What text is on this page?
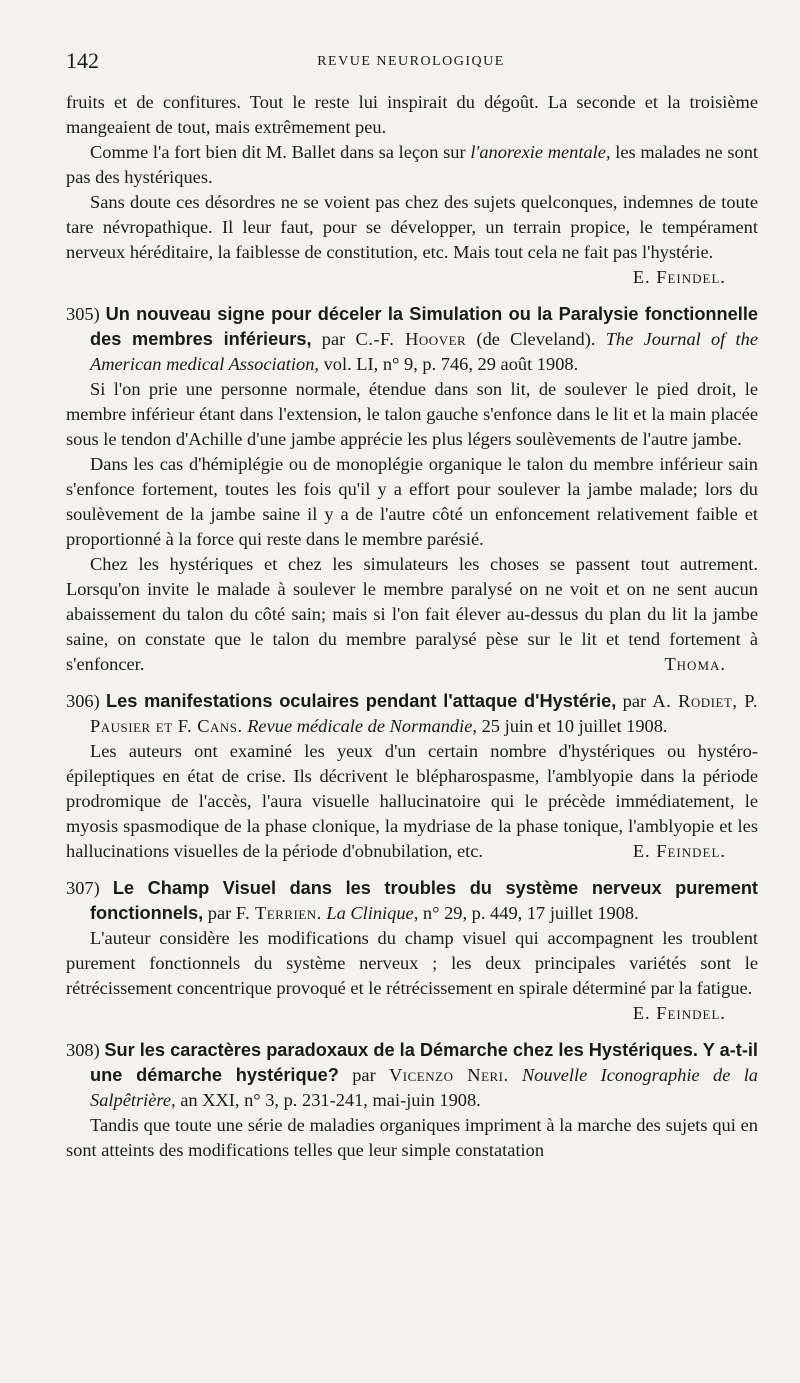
142	REVUE NEUROLOGIQUE

fruits et de confitures. Tout le reste lui inspirait du dégoût. La seconde et la troisième mangeaient de tout, mais extrêmement peu.

Comme l'a fort bien dit M. Ballet dans sa leçon sur l'anorexie mentale, les malades ne sont pas des hystériques.

Sans doute ces désordres ne se voient pas chez des sujets quelconques, indemnes de toute tare névropathique. Il leur faut, pour se développer, un terrain propice, le tempérament nerveux héréditaire, la faiblesse de constitution, etc. Mais tout cela ne fait pas l'hystérie.
E. Feindel.

305) Un nouveau signe pour déceler la Simulation ou la Paralysie fonctionnelle des membres inférieurs, par C.-F. Hoover (de Cleveland). The Journal of the American medical Association, vol. LI, n° 9, p. 746, 29 août 1908.

Si l'on prie une personne normale, étendue dans son lit, de soulever le pied droit, le membre inférieur étant dans l'extension, le talon gauche s'enfonce dans le lit et la main placée sous le tendon d'Achille d'une jambe apprécie les plus légers soulèvements de l'autre jambe.

Dans les cas d'hémiplégie ou de monoplégie organique le talon du membre inférieur sain s'enfonce fortement, toutes les fois qu'il y a effort pour soulever la jambe malade; lors du soulèvement de la jambe saine il y a de l'autre côté un enfoncement relativement faible et proportionné à la force qui reste dans le membre parésié.

Chez les hystériques et chez les simulateurs les choses se passent tout autrement. Lorsqu'on invite le malade à soulever le membre paralysé on ne voit et on ne sent aucun abaissement du talon du côté sain; mais si l'on fait élever au-dessus du plan du lit la jambe saine, on constate que le talon du membre paralysé pèse sur le lit et tend fortement à s'enfoncer.	Thoma.

306) Les manifestations oculaires pendant l'attaque d'Hystérie, par A. Rodiet, P. Pausier et F. Cans. Revue médicale de Normandie, 25 juin et 10 juillet 1908.

Les auteurs ont examiné les yeux d'un certain nombre d'hystériques ou hystéro-épileptiques en état de crise. Ils décrivent le blépharospasme, l'amblyopie dans la période prodromique de l'accès, l'aura visuelle hallucinatoire qui le précède immédiatement, le myosis spasmodique de la phase clonique, la mydriase de la phase tonique, l'amblyopie et les hallucinations visuelles de la période d'obnubilation, etc.	E. Feindel.

307) Le Champ Visuel dans les troubles du système nerveux purement fonctionnels, par F. Terrien. La Clinique, n° 29, p. 449, 17 juillet 1908.

L'auteur considère les modifications du champ visuel qui accompagnent les troublent purement fonctionnels du système nerveux ; les deux principales variétés sont le rétrécissement concentrique provoqué et le rétrécissement en spirale déterminé par la fatigue.
E. Feindel.

308) Sur les caractères paradoxaux de la Démarche chez les Hystériques. Y a-t-il une démarche hystérique? par Vicenzo Neri. Nouvelle Iconographie de la Salpêtrière, an XXI, n° 3, p. 231-241, mai-juin 1908.

Tandis que toute une série de maladies organiques impriment à la marche des sujets qui en sont atteints des modifications telles que leur simple constatation
